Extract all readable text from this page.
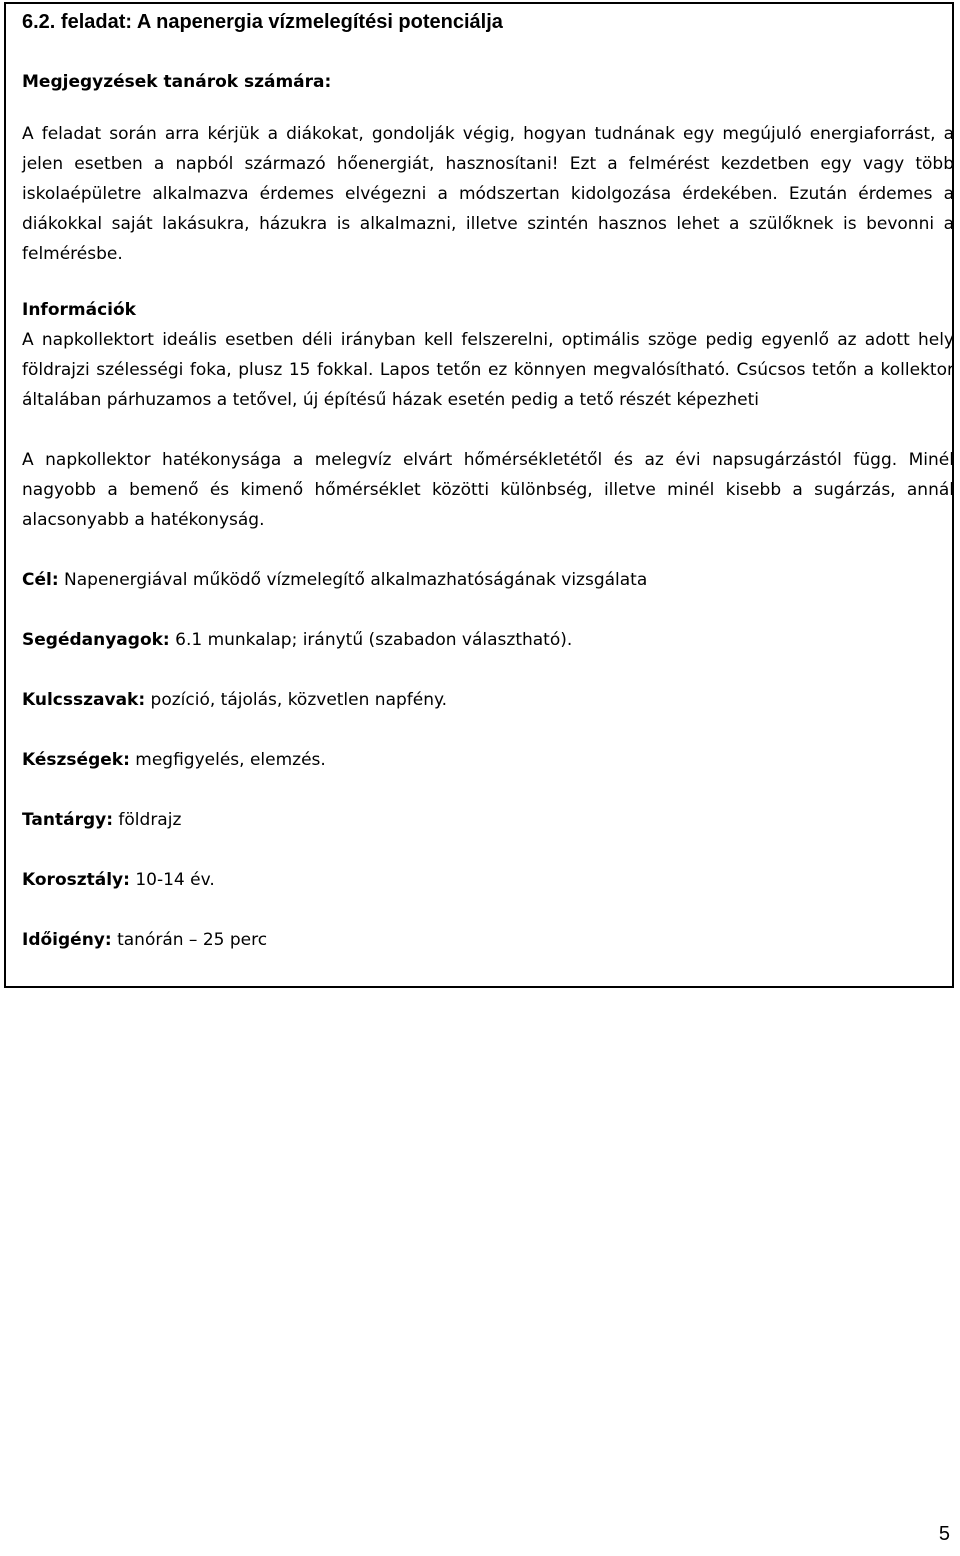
6.2. feladat: A napenergia vízmelegítési potenciálja
Megjegyzések tanárok számára:

A feladat során arra kérjük a diákokat, gondolják végig, hogyan tudnának egy megújuló energiaforrást, a jelen esetben a napból származó hőenergiát, hasznosítani! Ezt a felmérést kezdetben egy vagy több iskolaépületre alkalmazva érdemes elvégezni a módszertan kidolgozása érdekében. Ezután érdemes a diákokkal saját lakásukra, házukra is alkalmazni, illetve szintén hasznos lehet a szülőknek is bevonni a felmérésbe.

Információk

A napkollektort ideális esetben déli irányban kell felszerelni, optimális szöge pedig egyenlő az adott hely földrajzi szélességi foka, plusz 15 fokkal. Lapos tetőn ez könnyen megvalósítható. Csúcsos tetőn a kollektor általában párhuzamos a tetővel, új építésű házak esetén pedig a tető részét képezheti

A napkollektor hatékonysága a melegvíz elvárt hőmérsékletétől és az évi napsugárzástól függ. Minél nagyobb a bemenő és kimenő hőmérséklet közötti különbség, illetve minél kisebb a sugárzás, annál alacsonyabb a hatékonyság.

Cél: Napenergiával működő vízmelegítő alkalmazhatóságának vizsgálata
Segédanyagok: 6.1 munkalap; iránytű (szabadon választható).
Kulcsszavak: pozíció, tájolás, közvetlen napfény.
Készségek: megfigyelés, elemzés.
Tantárgy: földrajz
Korosztály: 10-14 év.
Időigény: tanórán – 25 perc
5
